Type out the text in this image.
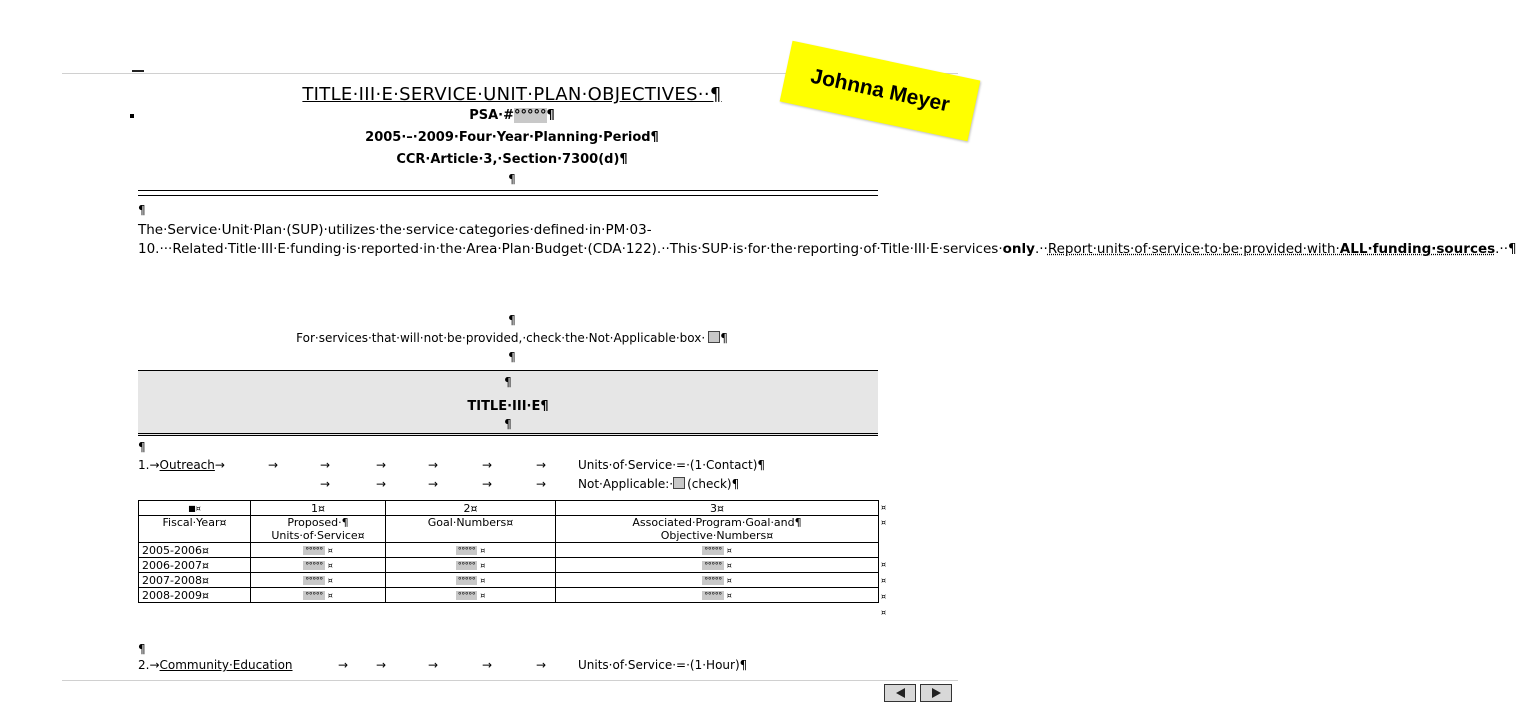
Johnna Meyer
TITLE·III·E·SERVICE·UNIT·PLAN·OBJECTIVES··¶
PSA·#°°°°°¶
2005·–·2009·Four·Year·Planning·Period¶
CCR·Article·3,·Section·7300(d)¶
¶
¶
The·Service·Unit·Plan·(SUP)·utilizes·the·service·categories·defined·in·PM·03-10.···Related·Title·III·E·funding·is·reported·in·the·Area·Plan·Budget·(CDA·122).··This·SUP·is·for·the·reporting·of·Title·III·E·services·only.··Report·units·of·service·to·be·provided·with·ALL·funding·sources.··¶
¶
For·services·that·will·not·be·provided,·check·the·Not·Applicable·box· ¶
¶
¶
TITLE·III·E¶
¶
¶
1.→Outreach→	→	→	→	→	→	→	Units·of·Service·=·(1·Contact)¶
→	→	→	→	→	Not·Applicable:· (check)¶
■¤	1¤	2¤	3¤
Fiscal·Year¤	Proposed·¶
Units·of·Service¤	Goal·Numbers¤	Associated·Program·Goal·and¶
Objective·Numbers¤
2005-2006¤	°°°°° ¤	°°°°° ¤	°°°°° ¤
2006-2007¤	°°°°° ¤	°°°°° ¤	°°°°° ¤
2007-2008¤	°°°°° ¤	°°°°° ¤	°°°°° ¤
2008-2009¤	°°°°° ¤	°°°°° ¤	°°°°° ¤
¤
¤
¤
¤
¤
¤
¶
2.→Community·Education	→ →	→	→	→	Units·of·Service·=·(1·Hour)¶
